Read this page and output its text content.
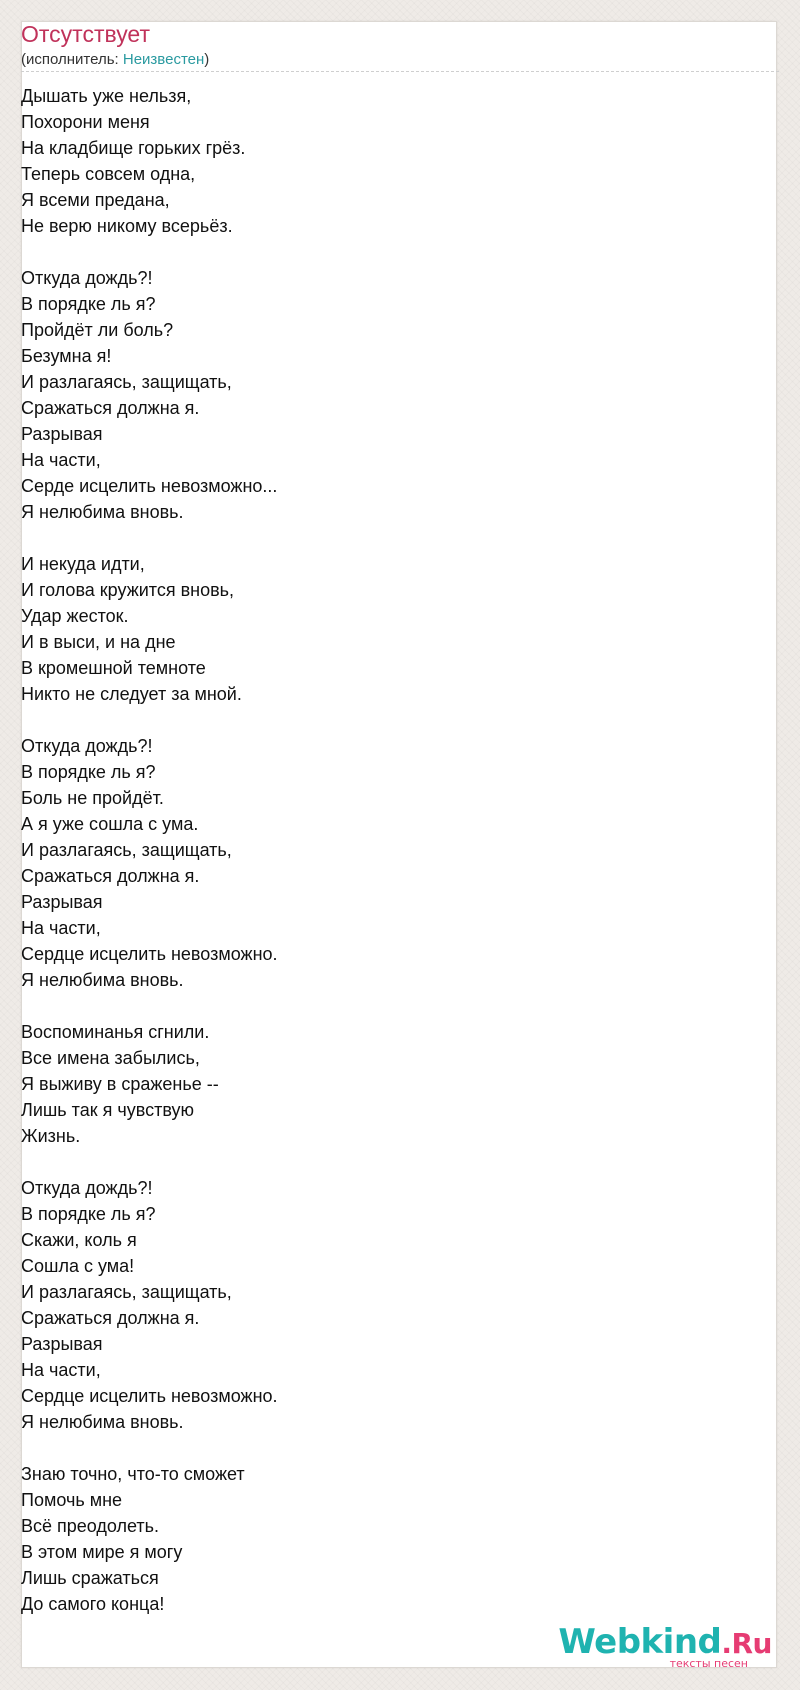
Отсутствует
(исполнитель: Неизвестен)
Дышать уже нельзя,
Похорони меня
На кладбище горьких грёз.
Теперь совсем одна,
Я всеми предана,
Не верю никому всерьёз.
Откуда дождь?!
В порядке ль я?
Пройдёт ли боль?
Безумна я!
И разлагаясь, защищать,
Сражаться должна я.
Разрывая
На части,
Серде исцелить невозможно...
Я нелюбима вновь.
И некуда идти,
И голова кружится вновь,
Удар жесток.
И в выси, и на дне
В кромешной темноте
Никто не следует за мной.
Откуда дождь?!
В порядке ль я?
Боль не пройдёт.
А я уже сошла с ума.
И разлагаясь, защищать,
Сражаться должна я.
Разрывая
На части,
Сердце исцелить невозможно.
Я нелюбима вновь.
Воспоминанья сгнили.
Все имена забылись,
Я выживу в сраженье --
Лишь так я чувствую
Жизнь.
Откуда дождь?!
В порядке ль я?
Скажи, коль я
Сошла с ума!
И разлагаясь, защищать,
Сражаться должна я.
Разрывая
На части,
Сердце исцелить невозможно.
Я нелюбима вновь.
Знаю точно, что-то сможет
Помочь мне
Всё преодолеть.
В этом мире я могу
Лишь сражаться
До самого конца!
Webkind.Ru
тексты песен
